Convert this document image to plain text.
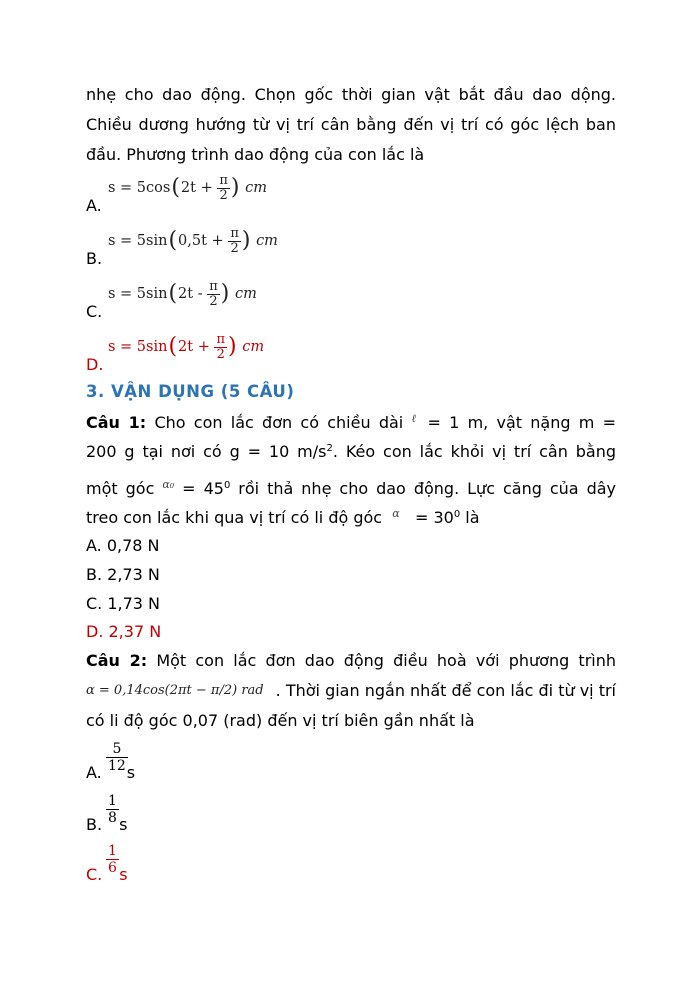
nhẹ cho dao động. Chọn gốc thời gian vật bắt đầu dao dộng.

Chiều dương hướng từ vị trí cân bằng đến vị trí có góc lệch ban

đầu. Phương trình dao động của con lắc là

$s = 5\cos(2t + \frac{\pi}{2}$ ) cm
A.
$s = 5\sin(0,5t + \frac{\pi}{2}$ ) cm
B.
$s = 5\sin(2t - \frac{\pi}{2}$ ) cm
C.
$s = 5\sin(2t + \frac{\pi}{2}$ ) cm
D.
3. VẬN DỤNG (5 CÂU)

Câu 1: Cho con lắc đơn có chiều dài $^\ell$ = 1 m, vật nặng m =

200 g tại nơi có g = 10 $m/s^2$. Kéo con lắc khỏi vị trí cân bằng

một góc $^{\alpha_0} = 45^0$ rồi thả nhẹ cho dao động. Lực căng của dây

treo con lắc khi qua vị trí có li độ góc  $^\alpha = 30^0$ là

A. 0,78 N
B. 2,73 N
C. 1,73 N
D. 2,37 N

Câu 2: Một con lắc đơn dao động điều hoà với phương trình

α = 0,14cos(2πt − π/2) rad . Thời gian ngắn nhất để con lắc đi từ vị trí

có li độ góc 0,07 (rad) đến vị trí biên gần nhất là

$\frac{5}{12}$
A. s
$\frac{1}{8}$
B. s
$\frac{1}{6}$
C. s
